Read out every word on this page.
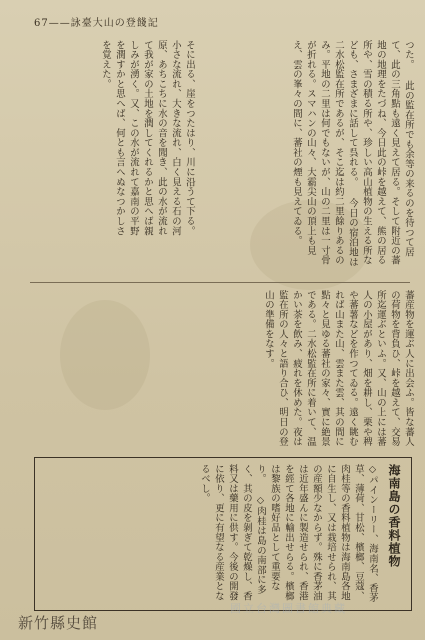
67——詠臺大山の登餞記

つた。 此の監在所でも余等の来るのを待つて居て、此の三角點も遠く見えて居る。そして附近の蕃地の地理をたづね、今日此の峠を越えて、熊の居る所や、雪の積る所や、珍しい高山植物の生える所なども、さまざまに話して呉れる。 今日の宿泊地は二水松監在所であるが、そこ迄は約二里餘りあるのみ。平地の二里は何でもないが、山の二里は一寸骨が折れる。スマハンの山々、大霸尖山の頂上も見え、雲の峯々の間に、蕃社の煙も見えてゐる。

そに出る、崖をつたはり、川に沿うて下る。小さな流れ、大きな流れ、白く見える石の河原、あちこちに水の音を聞き、此の水が流れて我が家の土地を潤してくれるかと思へば親しみが湧く。又、この水が流れて嘉南の平野を潤すかと思へば、何とも言へぬなつかしさを覚えた。

蕃産物を運ぶ人に出会ふ。皆な蕃人の荷物を背負ひ、峠を越えて、交易所迄運ぶといふ。又、山の上には蕃人の小屋があり、畑を耕し、栗や稗や蕃薯などを作つてゐる。遠く眺むれば山また山、雲また雲、其の間に點々と見ゆる蕃社の家々、實に絶景である。二水松監在所に着いて、温かい茶を飲み、疲れを休めた。夜は監在所の人々と語り合ひ、明日の登山の準備をなす。

海南島の香料植物

◇パインーリー、海南名、香茅草、薄荷、甘松、檳榔、豆蔻、肉桂等の香料植物は海南島各地に自生し、又は栽培せられ、其の産額少なからず。殊に香茅油は近年盛んに製造せられ、香港を經て各地に輸出せらる。檳榔は黎族の嗜好品として重要なり。 ◇肉桂は島の南部に多く、其の皮を剝ぎて乾燥し、香料又は藥用に供す。今後の開發に依り、更に有望なる産業となるべし。

新竹縣史館
國立台灣圖書館典藏
